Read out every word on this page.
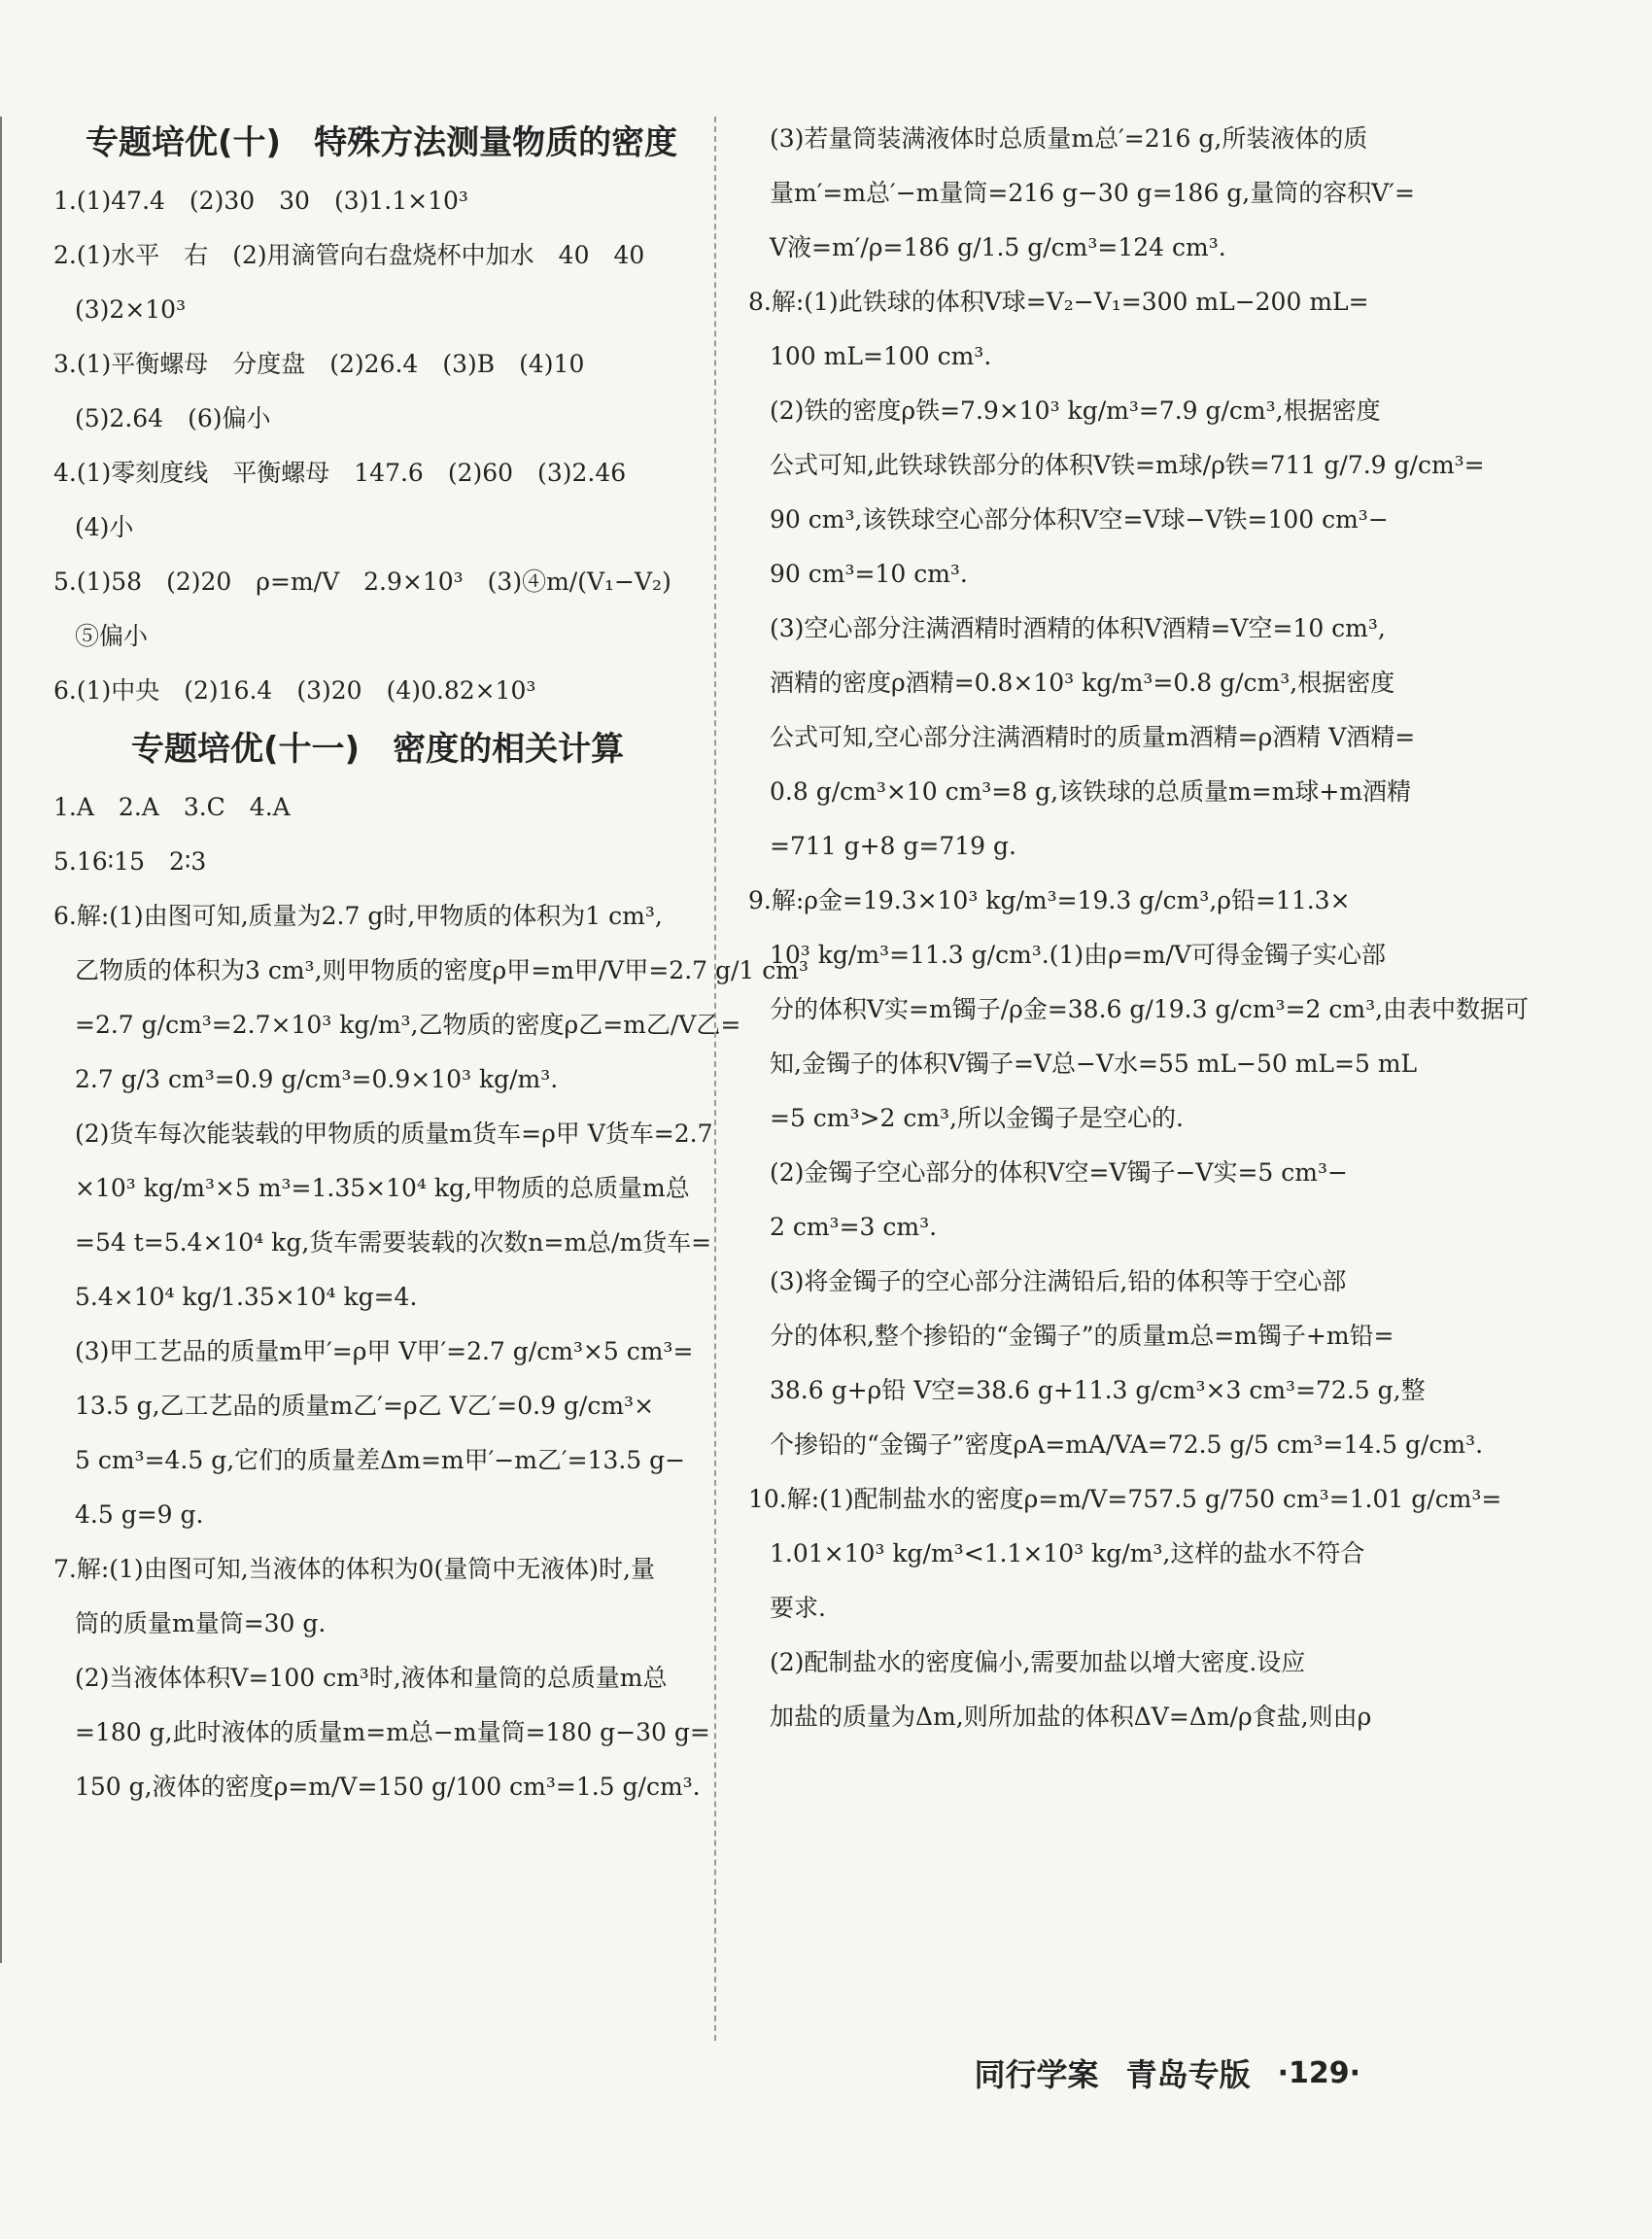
专题培优(十)　特殊方法测量物质的密度
1.(1)47.4　(2)30　30　(3)1.1×10³
2.(1)水平　右　(2)用滴管向右盘烧杯中加水　40　40
(3)2×10³
3.(1)平衡螺母　分度盘　(2)26.4　(3)B　(4)10
(5)2.64　(6)偏小
4.(1)零刻度线　平衡螺母　147.6　(2)60　(3)2.46
(4)小
5.(1)58　(2)20　ρ=m/V　2.9×10³　(3)④m/(V₁−V₂)
⑤偏小
6.(1)中央　(2)16.4　(3)20　(4)0.82×10³
专题培优(十一)　密度的相关计算
1.A　2.A　3.C　4.A
5.16∶15　2∶3
6.解:(1)由图可知,质量为2.7 g时,甲物质的体积为1 cm³,
乙物质的体积为3 cm³,则甲物质的密度ρ甲=m甲/V甲=2.7 g/1 cm³
=2.7 g/cm³=2.7×10³ kg/m³,乙物质的密度ρ乙=m乙/V乙=
2.7 g/3 cm³=0.9 g/cm³=0.9×10³ kg/m³.
(2)货车每次能装载的甲物质的质量m货车=ρ甲 V货车=2.7
×10³ kg/m³×5 m³=1.35×10⁴ kg,甲物质的总质量m总
=54 t=5.4×10⁴ kg,货车需要装载的次数n=m总/m货车=
5.4×10⁴ kg/1.35×10⁴ kg=4.
(3)甲工艺品的质量m甲′=ρ甲 V甲′=2.7 g/cm³×5 cm³=
13.5 g,乙工艺品的质量m乙′=ρ乙 V乙′=0.9 g/cm³×
5 cm³=4.5 g,它们的质量差Δm=m甲′−m乙′=13.5 g−
4.5 g=9 g.
7.解:(1)由图可知,当液体的体积为0(量筒中无液体)时,量
筒的质量m量筒=30 g.
(2)当液体体积V=100 cm³时,液体和量筒的总质量m总
=180 g,此时液体的质量m=m总−m量筒=180 g−30 g=
150 g,液体的密度ρ=m/V=150 g/100 cm³=1.5 g/cm³.
(3)若量筒装满液体时总质量m总′=216 g,所装液体的质
量m′=m总′−m量筒=216 g−30 g=186 g,量筒的容积V′=
V液=m′/ρ=186 g/1.5 g/cm³=124 cm³.
8.解:(1)此铁球的体积V球=V₂−V₁=300 mL−200 mL=
100 mL=100 cm³.
(2)铁的密度ρ铁=7.9×10³ kg/m³=7.9 g/cm³,根据密度
公式可知,此铁球铁部分的体积V铁=m球/ρ铁=711 g/7.9 g/cm³=
90 cm³,该铁球空心部分体积V空=V球−V铁=100 cm³−
90 cm³=10 cm³.
(3)空心部分注满酒精时酒精的体积V酒精=V空=10 cm³,
酒精的密度ρ酒精=0.8×10³ kg/m³=0.8 g/cm³,根据密度
公式可知,空心部分注满酒精时的质量m酒精=ρ酒精 V酒精=
0.8 g/cm³×10 cm³=8 g,该铁球的总质量m=m球+m酒精
=711 g+8 g=719 g.
9.解:ρ金=19.3×10³ kg/m³=19.3 g/cm³,ρ铅=11.3×
10³ kg/m³=11.3 g/cm³.(1)由ρ=m/V可得金镯子实心部
分的体积V实=m镯子/ρ金=38.6 g/19.3 g/cm³=2 cm³,由表中数据可
知,金镯子的体积V镯子=V总−V水=55 mL−50 mL=5 mL
=5 cm³>2 cm³,所以金镯子是空心的.
(2)金镯子空心部分的体积V空=V镯子−V实=5 cm³−
2 cm³=3 cm³.
(3)将金镯子的空心部分注满铅后,铅的体积等于空心部
分的体积,整个掺铅的“金镯子”的质量m总=m镯子+m铅=
38.6 g+ρ铅 V空=38.6 g+11.3 g/cm³×3 cm³=72.5 g,整
个掺铅的“金镯子”密度ρA=mA/VA=72.5 g/5 cm³=14.5 g/cm³.
10.解:(1)配制盐水的密度ρ=m/V=757.5 g/750 cm³=1.01 g/cm³=
1.01×10³ kg/m³<1.1×10³ kg/m³,这样的盐水不符合
要求.
(2)配制盐水的密度偏小,需要加盐以增大密度.设应
加盐的质量为Δm,则所加盐的体积ΔV=Δm/ρ食盐,则由ρ
同行学案 青岛专版 ·129·
